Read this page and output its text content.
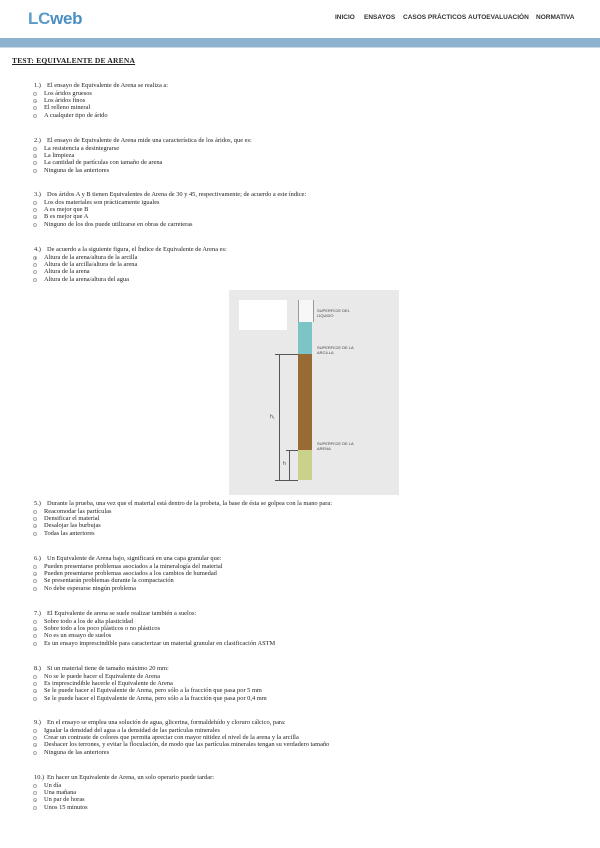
LCweb	INICIO ENSAYOS CASOS PRÁCTICOS AUTOEVALUACIÓN NORMATIVA
TEST: EQUIVALENTE DE ARENA
1.) El ensayo de Equivalente de Arena se realiza a:
Los áridos gruesos
Los áridos finos
El relleno mineral
A cualquier tipo de árido
2.) El ensayo de Equivalente de Arena mide una característica de los áridos, que es:
La resistencia a desintegrarse
La limpieza
La cantidad de partículas con tamaño de arena
Ninguna de las anteriores
3.) Dos áridos A y B tienen Equivalentes de Arena de 30 y 45, respectivamente; de acuerdo a este índice:
Los dos materiales son prácticamente iguales
A es mejor que B
B es mejor que A
Ninguno de los dos puede utilizarse en obras de carreteras
4.) De acuerdo a la siguiente figura, el Índice de Equivalente de Arena es:
Altura de la arena/altura de la arcilla
Altura de la arcilla/altura de la arena
Altura de la arena
Altura de la arena/altura del agua
5.) Durante la prueba, una vez que el material está dentro de la probeta, la base de ésta se golpea con la mano para:
Reacomodar las partículas
Densificar el material
Desalojar las burbujas
Todas las anteriores
6.) Un Equivalente de Arena bajo, significará en una capa granular que:
Pueden presentarse problemas asociados a la mineralogía del material
Pueden presentarse problemas asociados a los cambios de humedad
Se presentarán problemas durante la compactación
No debe esperarse ningún problema
7.) El Equivalente de arena se suele realizar también a suelos:
Sobre todo a los de alta plasticidad
Sobre todo a los poco plásticos o no plásticos
No es un ensayo de suelos
Es un ensayo imprescindible para caracterizar un material granular en clasificación ASTM
8.) Si un material tiene de tamaño máximo 20 mm:
No se le puede hacer el Equivalente de Arena
Es imprescindible hacerle el Equivalente de Arena
Se le puede hacer el Equivalente de Arena, pero sólo a la fracción que pasa por 5 mm
Se le puede hacer el Equivalente de Arena, pero sólo a la fracción que pasa por 0,4 mm
9.) En el ensayo se emplea una solución de agua, glicerina, formaldehído y cloruro cálcico, para:
Igualar la densidad del agua a la densidad de las partículas minerales
Crear un contraste de colores que permita apreciar con mayor nitidez el nivel de la arena y la arcilla
Deshacer los terrones, y evitar la floculación, de modo que las partículas minerales tengan su verdadero tamaño
Ninguna de las anteriores
10.) En hacer un Equivalente de Arena, un solo operario puede tardar:
Un día
Una mañana
Un par de horas
Unos 15 minutos
SUPERFICIE DEL LÍQUIDO
SUPERFICIE DE LA ARCILLA
SUPERFICIE DE LA ARENA
h₁
h
